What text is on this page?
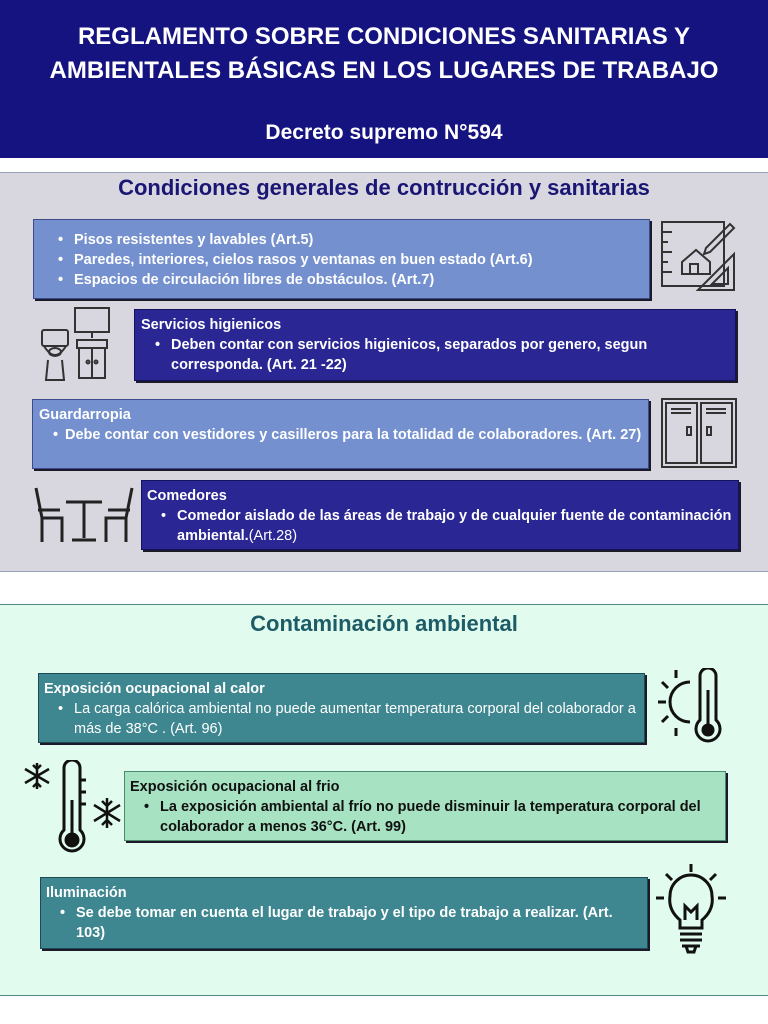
REGLAMENTO SOBRE CONDICIONES SANITARIAS Y AMBIENTALES BÁSICAS EN LOS LUGARES DE TRABAJO
Decreto supremo N°594
Condiciones generales de contrucción y sanitarias
• Pisos resistentes y lavables (Art.5)
• Paredes, interiores, cielos rasos y ventanas en buen estado (Art.6)
• Espacios de circulación libres de obstáculos. (Art.7)
Servicios higienicos
• Deben contar con servicios higienicos, separados por genero, segun corresponda. (Art. 21 -22)
Guardarropia
• Debe contar con vestidores y casilleros para la totalidad de colaboradores. (Art. 27)
Comedores
• Comedor aislado de las áreas de trabajo y de cualquier fuente de contaminación ambiental.(Art.28)
Contaminación ambiental
Exposición ocupacional al calor
• La carga calórica ambiental no puede aumentar temperatura corporal del colaborador a más de 38°C . (Art. 96)
Exposición ocupacional al frio
• La exposición ambiental al frío no puede disminuir la temperatura corporal del colaborador a menos 36°C. (Art. 99)
Iluminación
• Se debe tomar en cuenta el lugar de trabajo y el tipo de trabajo a realizar. (Art. 103)
